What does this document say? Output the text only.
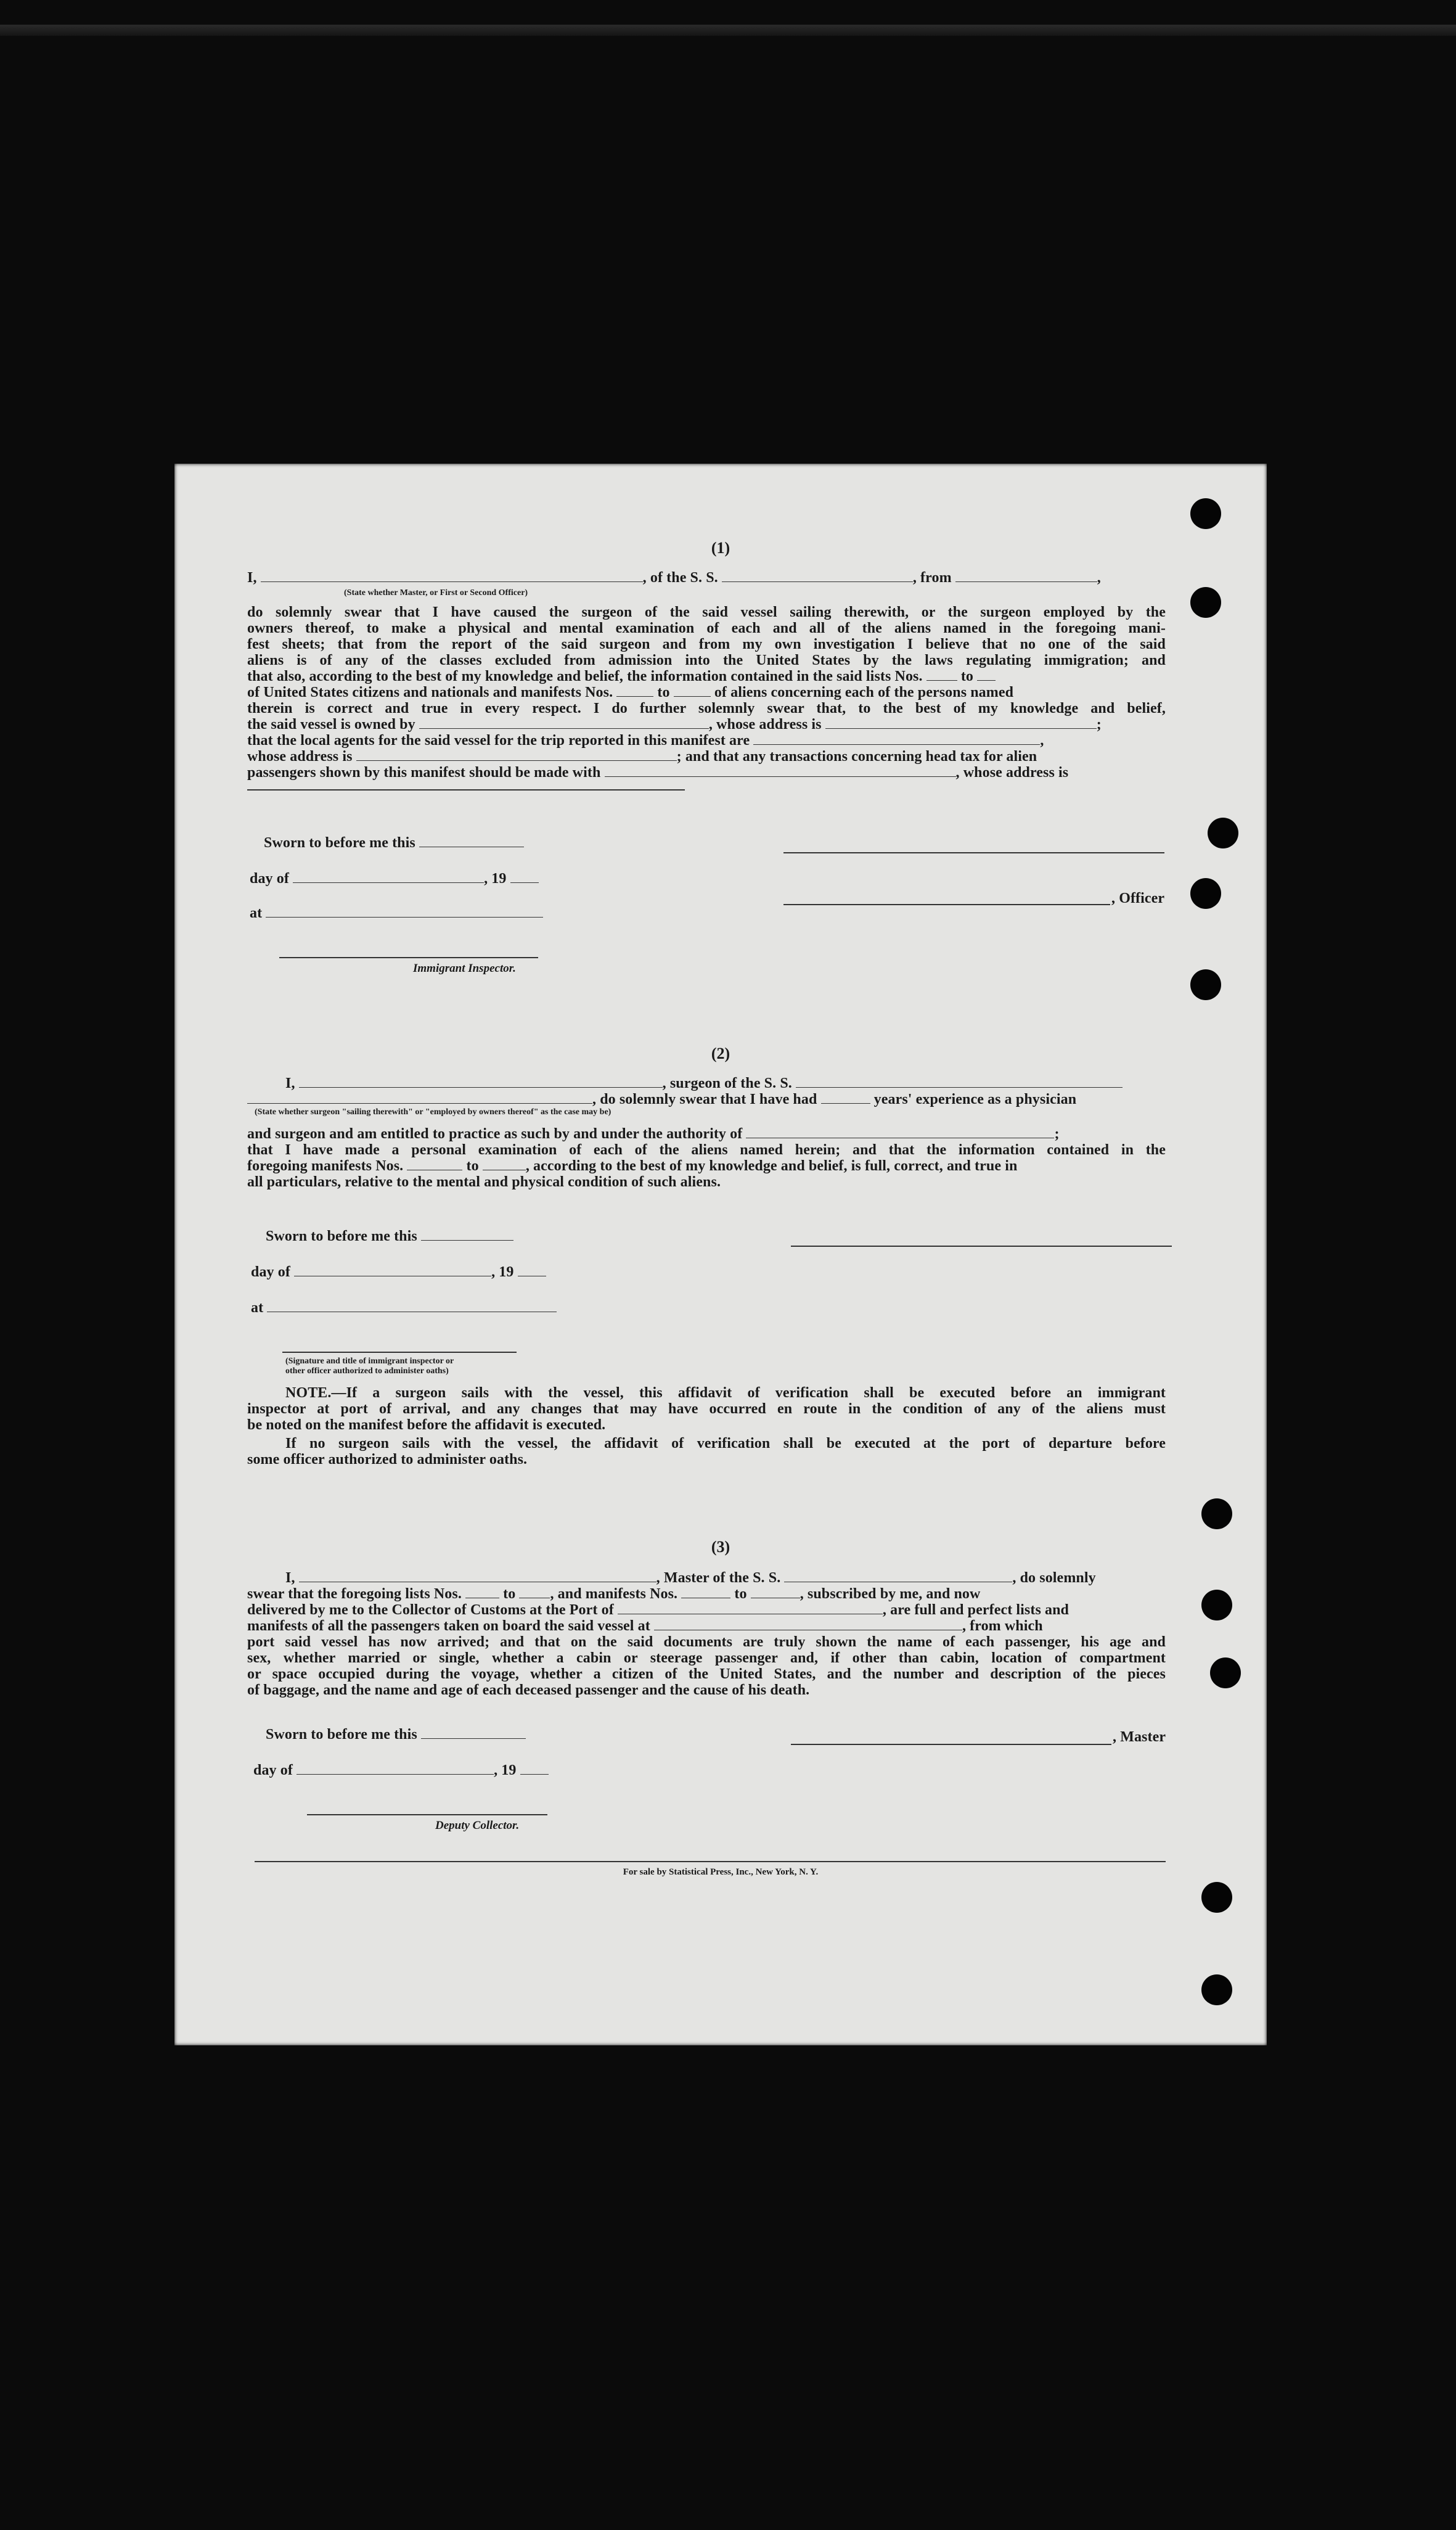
(1)
I,	, of the S. S.	, from	,
(State whether Master, or First or Second Officer)
do solemnly swear that I have caused the surgeon of the said vessel sailing therewith, or the surgeon employed by the
owners thereof, to make a physical and mental examination of each and all of the aliens named in the foregoing mani-
fest sheets; that from the report of the said surgeon and from my own investigation I believe that no one of the said
aliens is of any of the classes excluded from admission into the United States by the laws regulating immigration; and
that also, according to the best of my knowledge and belief, the information contained in the said lists Nos.	to
of United States citizens and nationals and manifests Nos.	to	of aliens concerning each of the persons named
therein is correct and true in every respect. I do further solemnly swear that, to the best of my knowledge and belief,
the said vessel is owned by	, whose address is	;
that the local agents for the said vessel for the trip reported in this manifest are	,
whose address is	; and that any transactions concerning head tax for alien
passengers shown by this manifest should be made with	, whose address is
Sworn to before me this
day of	, 19
at
Immigrant Inspector.
, Officer
(2)
I,	, surgeon of the S. S.
, do solemnly swear that I have had	years' experience as a physician
(State whether surgeon "sailing therewith" or "employed by owners thereof" as the case may be)
and surgeon and am entitled to practice as such by and under the authority of	;
that I have made a personal examination of each of the aliens named herein; and that the information contained in the
foregoing manifests Nos.	to	, according to the best of my knowledge and belief, is full, correct, and true in
all particulars, relative to the mental and physical condition of such aliens.
Sworn to before me this
day of	, 19
at
(Signature and title of immigrant inspector or
other officer authorized to administer oaths)
NOTE.—If a surgeon sails with the vessel, this affidavit of verification shall be executed before an immigrant
inspector at port of arrival, and any changes that may have occurred en route in the condition of any of the aliens must
be noted on the manifest before the affidavit is executed.
If no surgeon sails with the vessel, the affidavit of verification shall be executed at the port of departure before
some officer authorized to administer oaths.
(3)
I,	, Master of the S. S.	, do solemnly
swear that the foregoing lists Nos.	to , and manifests Nos.	to	, subscribed by me, and now
delivered by me to the Collector of Customs at the Port of	, are full and perfect lists and
manifests of all the passengers taken on board the said vessel at	, from which
port said vessel has now arrived; and that on the said documents are truly shown the name of each passenger, his age and
sex, whether married or single, whether a cabin or steerage passenger and, if other than cabin, location of compartment
or space occupied during the voyage, whether a citizen of the United States, and the number and description of the pieces
of baggage, and the name and age of each deceased passenger and the cause of his death.
Sworn to before me this
day of	, 19
Deputy Collector.
, Master
For sale by Statistical Press, Inc., New York, N. Y.
